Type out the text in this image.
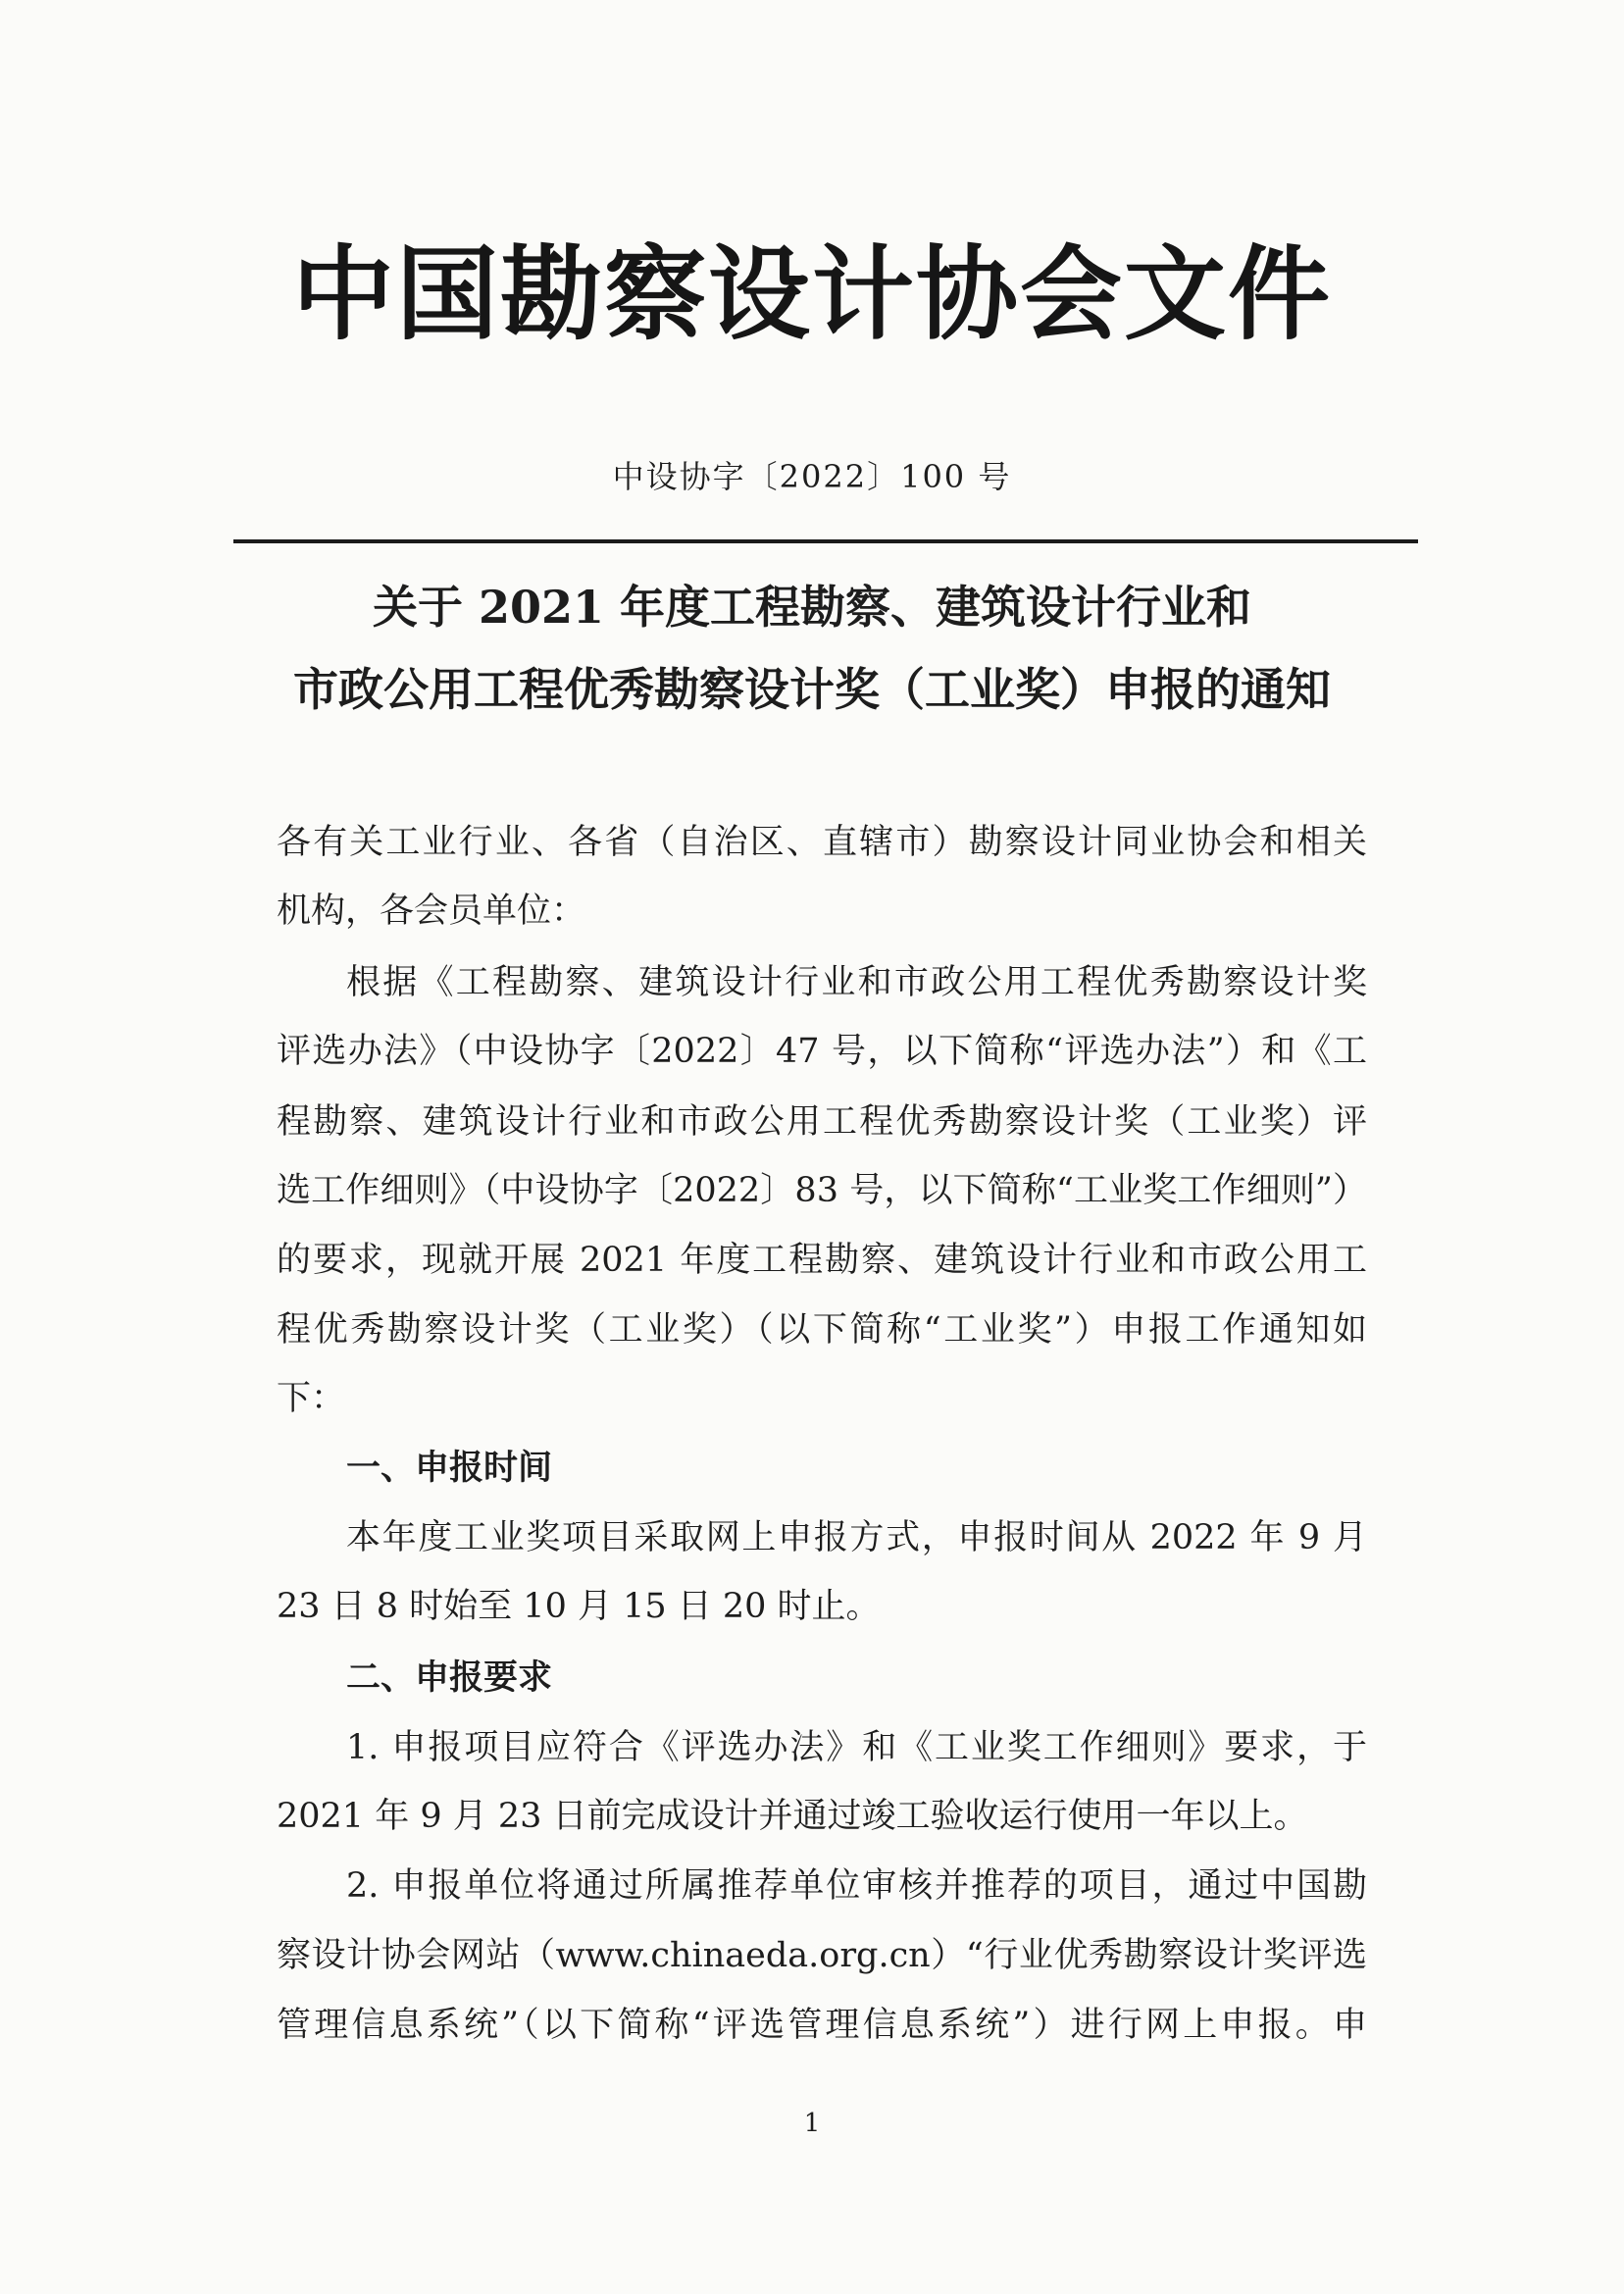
中国勘察设计协会文件
中设协字〔2022〕100 号
关于 2021 年度工程勘察、建筑设计行业和
市政公用工程优秀勘察设计奖（工业奖）申报的通知
各有关工业行业、各省（自治区、直辖市）勘察设计同业协会和相关
机构，各会员单位：
根据《工程勘察、建筑设计行业和市政公用工程优秀勘察设计奖
评选办法》（中设协字〔2022〕47 号，以下简称“评选办法”）和《工
程勘察、建筑设计行业和市政公用工程优秀勘察设计奖（工业奖）评
选工作细则》（中设协字〔2022〕83 号，以下简称“工业奖工作细则”）
的要求，现就开展 2021 年度工程勘察、建筑设计行业和市政公用工
程优秀勘察设计奖（工业奖）（以下简称“工业奖”）申报工作通知如
下：
一、申报时间
本年度工业奖项目采取网上申报方式，申报时间从 2022 年 9 月
23 日 8 时始至 10 月 15 日 20 时止。
二、申报要求
1. 申报项目应符合《评选办法》和《工业奖工作细则》要求，于
2021 年 9 月 23 日前完成设计并通过竣工验收运行使用一年以上。
2. 申报单位将通过所属推荐单位审核并推荐的项目，通过中国勘
察设计协会网站（www.chinaeda.org.cn）“行业优秀勘察设计奖评选
管理信息系统”（以下简称“评选管理信息系统”）进行网上申报。申
1
